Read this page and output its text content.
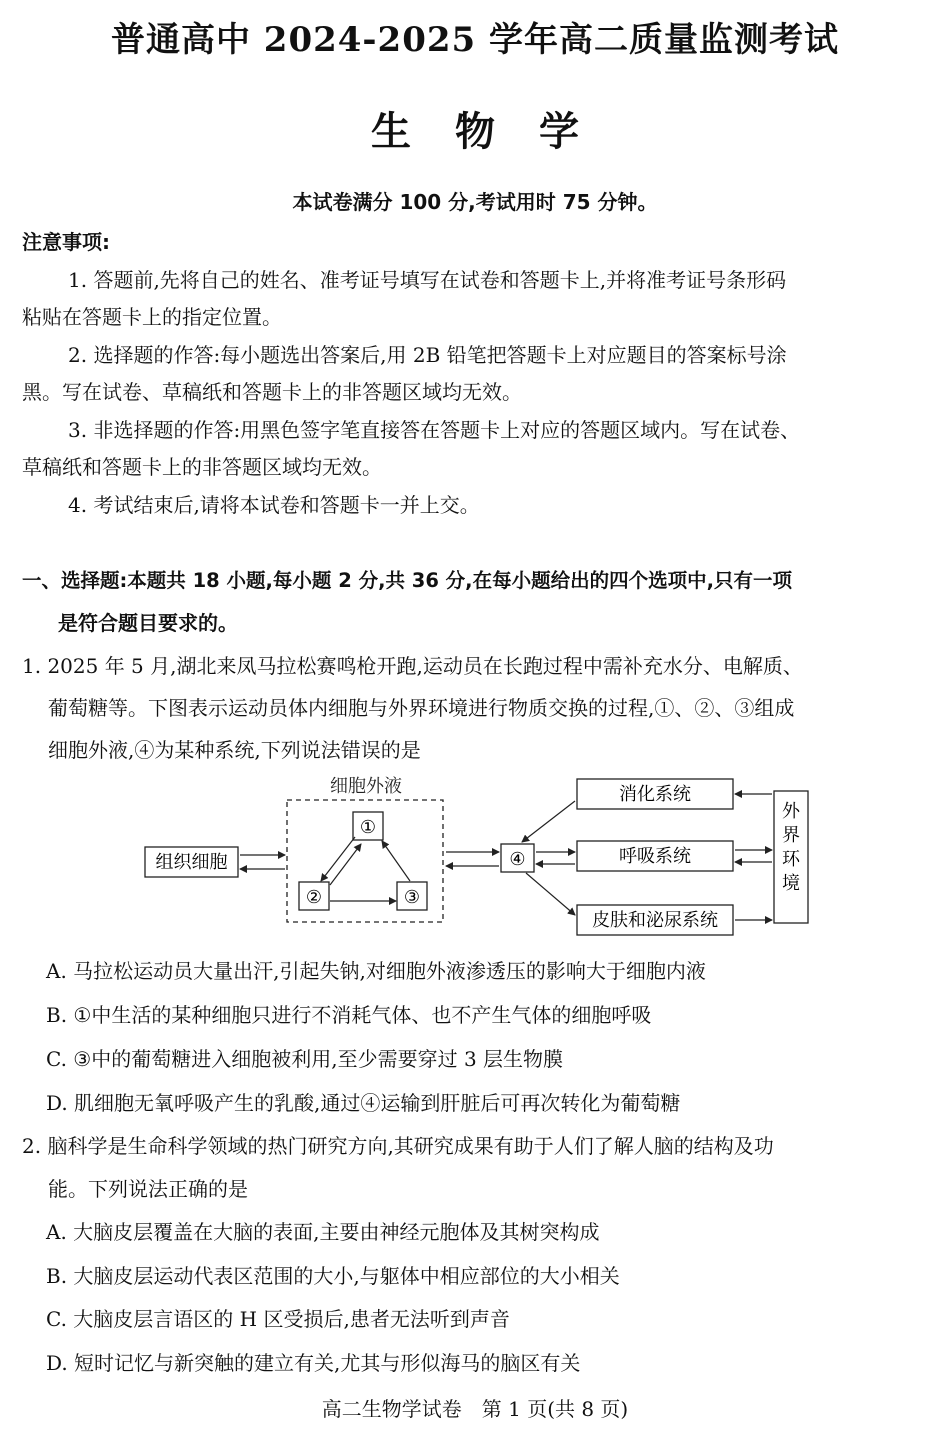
普通高中 2024-2025 学年高二质量监测考试
生物学
本试卷满分 100 分,考试用时 75 分钟。
注意事项:
1. 答题前,先将自己的姓名、准考证号填写在试卷和答题卡上,并将准考证号条形码
粘贴在答题卡上的指定位置。
2. 选择题的作答:每小题选出答案后,用 2B 铅笔把答题卡上对应题目的答案标号涂
黑。写在试卷、草稿纸和答题卡上的非答题区域均无效。
3. 非选择题的作答:用黑色签字笔直接答在答题卡上对应的答题区域内。写在试卷、
草稿纸和答题卡上的非答题区域均无效。
4. 考试结束后,请将本试卷和答题卡一并上交。
一、选择题:本题共 18 小题,每小题 2 分,共 36 分,在每小题给出的四个选项中,只有一项
是符合题目要求的。
1. 2025 年 5 月,湖北来凤马拉松赛鸣枪开跑,运动员在长跑过程中需补充水分、电解质、
葡萄糖等。下图表示运动员体内细胞与外界环境进行物质交换的过程,①、②、③组成
细胞外液,④为某种系统,下列说法错误的是
细胞外液
组织细胞
①
②	③
④
消化系统
呼吸系统
皮肤和泌尿系统
外
界
环
境
A. 马拉松运动员大量出汗,引起失钠,对细胞外液渗透压的影响大于细胞内液
B. ①中生活的某种细胞只进行不消耗气体、也不产生气体的细胞呼吸
C. ③中的葡萄糖进入细胞被利用,至少需要穿过 3 层生物膜
D. 肌细胞无氧呼吸产生的乳酸,通过④运输到肝脏后可再次转化为葡萄糖
2. 脑科学是生命科学领域的热门研究方向,其研究成果有助于人们了解人脑的结构及功
能。下列说法正确的是
A. 大脑皮层覆盖在大脑的表面,主要由神经元胞体及其树突构成
B. 大脑皮层运动代表区范围的大小,与躯体中相应部位的大小相关
C. 大脑皮层言语区的 H 区受损后,患者无法听到声音
D. 短时记忆与新突触的建立有关,尤其与形似海马的脑区有关
高二生物学试卷　第 1 页(共 8 页)
